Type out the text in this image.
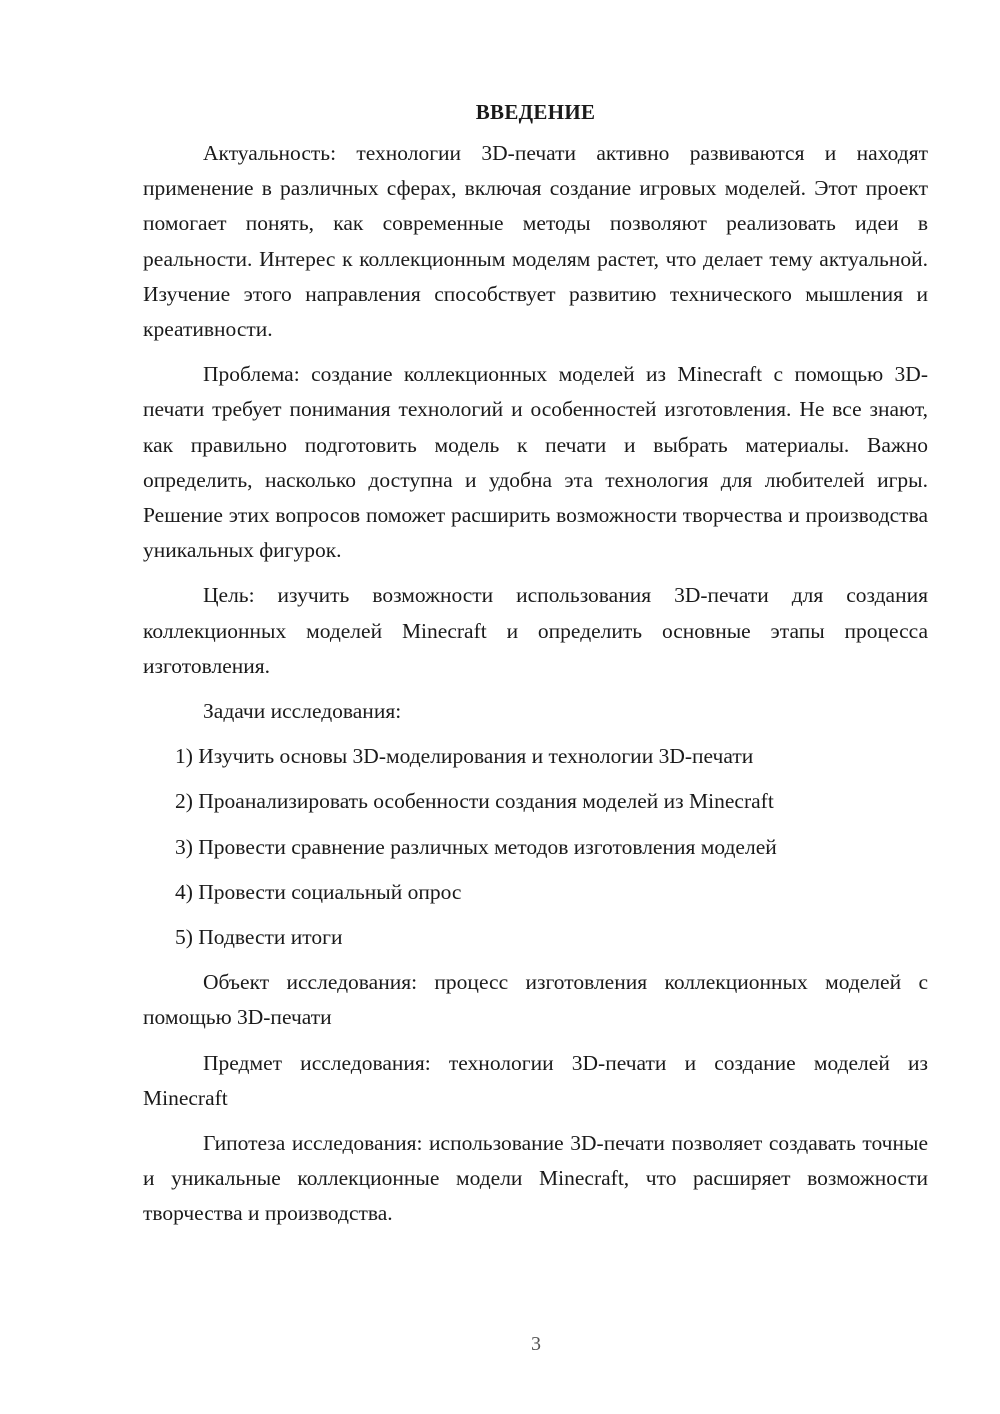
ВВЕДЕНИЕ

Актуальность: технологии 3D-печати активно развиваются и находят применение в различных сферах, включая создание игровых моделей. Этот проект помогает понять, как современные методы позволяют реализовать идеи в реальности. Интерес к коллекционным моделям растет, что делает тему актуальной. Изучение этого направления способствует развитию технического мышления и креативности.

Проблема: создание коллекционных моделей из Minecraft с помощью 3D-печати требует понимания технологий и особенностей изготовления. Не все знают, как правильно подготовить модель к печати и выбрать материалы. Важно определить, насколько доступна и удобна эта технология для любителей игры. Решение этих вопросов поможет расширить возможности творчества и производства уникальных фигурок.

Цель: изучить возможности использования 3D-печати для создания коллекционных моделей Minecraft и определить основные этапы процесса изготовления.

Задачи исследования:

1) Изучить основы 3D-моделирования и технологии 3D-печати
2) Проанализировать особенности создания моделей из Minecraft
3) Провести сравнение различных методов изготовления моделей
4) Провести социальный опрос
5) Подвести итоги

Объект исследования: процесс изготовления коллекционных моделей с помощью 3D-печати

Предмет исследования: технологии 3D-печати и создание моделей из Minecraft

Гипотеза исследования: использование 3D-печати позволяет создавать точные и уникальные коллекционные модели Minecraft, что расширяет возможности творчества и производства.

3
